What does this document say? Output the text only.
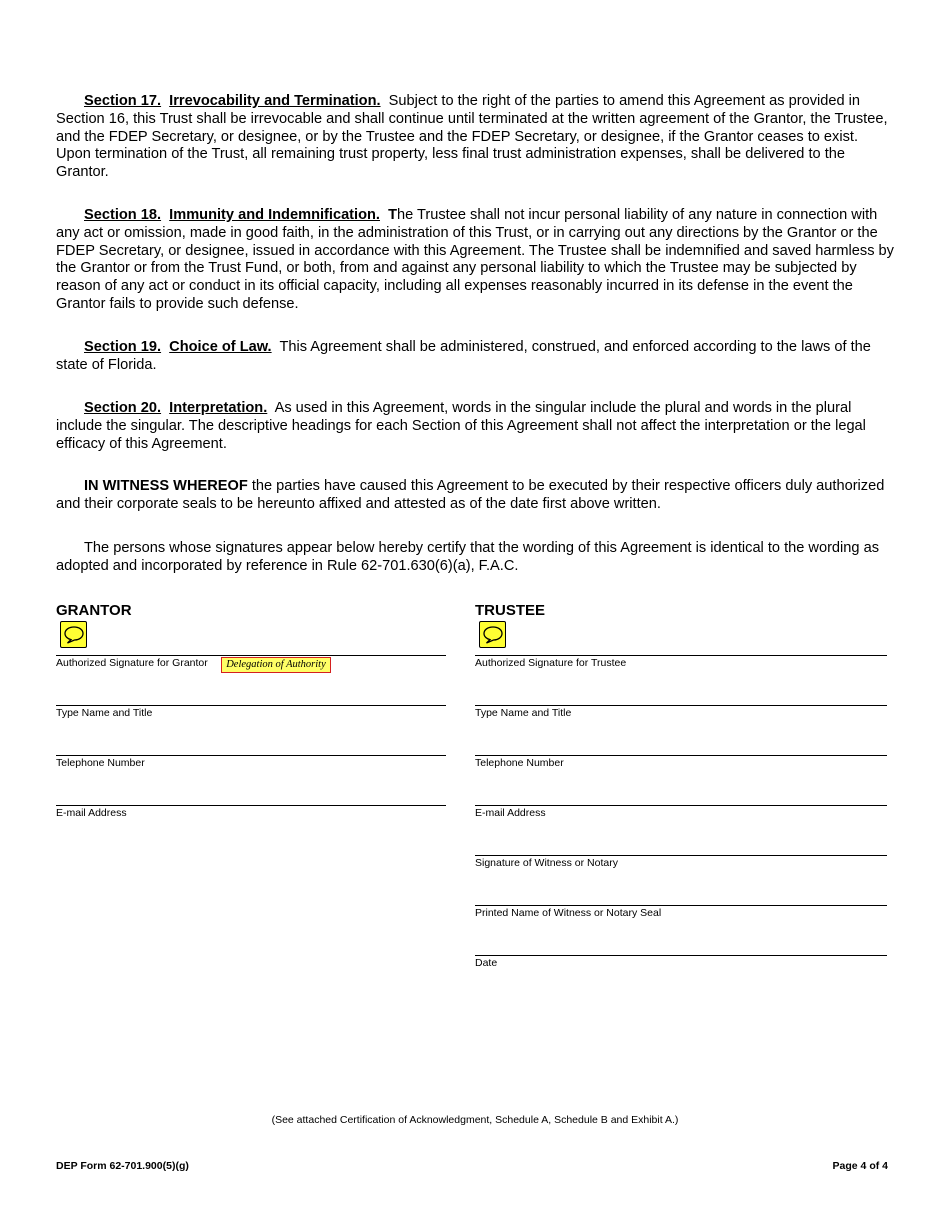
Section 17. Irrevocability and Termination. Subject to the right of the parties to amend this Agreement as provided in Section 16, this Trust shall be irrevocable and shall continue until terminated at the written agreement of the Grantor, the Trustee, and the FDEP Secretary, or designee, or by the Trustee and the FDEP Secretary, or designee, if the Grantor ceases to exist. Upon termination of the Trust, all remaining trust property, less final trust administration expenses, shall be delivered to the Grantor.

Section 18. Immunity and Indemnification. The Trustee shall not incur personal liability of any nature in connection with any act or omission, made in good faith, in the administration of this Trust, or in carrying out any directions by the Grantor or the FDEP Secretary, or designee, issued in accordance with this Agreement. The Trustee shall be indemnified and saved harmless by the Grantor or from the Trust Fund, or both, from and against any personal liability to which the Trustee may be subjected by reason of any act or conduct in its official capacity, including all expenses reasonably incurred in its defense in the event the Grantor fails to provide such defense.

Section 19. Choice of Law. This Agreement shall be administered, construed, and enforced according to the laws of the state of Florida.

Section 20. Interpretation. As used in this Agreement, words in the singular include the plural and words in the plural include the singular. The descriptive headings for each Section of this Agreement shall not affect the interpretation or the legal efficacy of this Agreement.

IN WITNESS WHEREOF the parties have caused this Agreement to be executed by their respective officers duly authorized and their corporate seals to be hereunto affixed and attested as of the date first above written.

The persons whose signatures appear below hereby certify that the wording of this Agreement is identical to the wording as adopted and incorporated by reference in Rule 62-701.630(6)(a), F.A.C.

GRANTOR
Authorized Signature for Grantor	Delegation of Authority
Type Name and Title
Telephone Number
E-mail Address
TRUSTEE
Authorized Signature for Trustee
Type Name and Title
Telephone Number
E-mail Address
Signature of Witness or Notary
Printed Name of Witness or Notary Seal
Date
(See attached Certification of Acknowledgment, Schedule A, Schedule B and Exhibit A.)
DEP Form 62-701.900(5)(g)	Page 4 of 4
